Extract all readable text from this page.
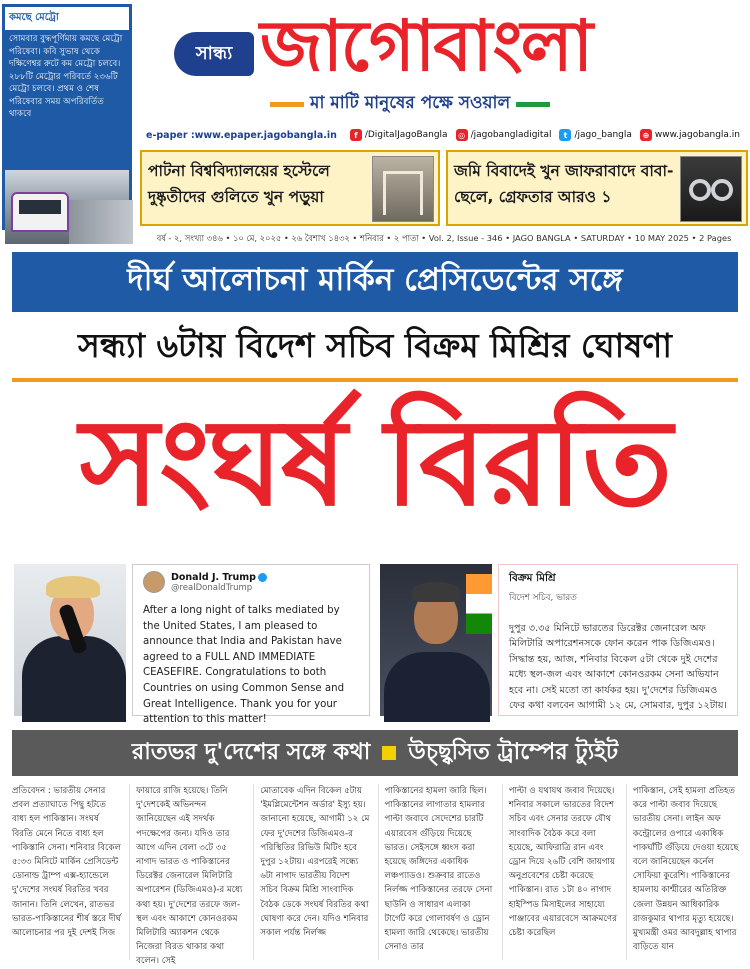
কমছে মেট্রো
সোমবার বুদ্ধপূর্ণিমায় কমছে মেট্রো পরিষেবা। কবি সুভাষ থেকে দক্ষিণেশ্বর রুটে কম মেট্রো চলবে। ২৮৮টি মেট্রোর পরিবর্তে ২৩৬টি মেট্রো চলবে। প্রথম ও শেষ পরিষেবার সময় অপরিবর্তিত থাকবে
সান্ধ্য জাগোবাংলা
মা মাটি মানুষের পক্ষে সওয়াল
e-paper :www.epaper.jagobangla.in	f /DigitalJagoBangla	◎ /jagobangladigital	t /jago_bangla	⊕ www.jagobangla.in
পাটনা বিশ্ববিদ্যালয়ের হস্টেলে দুষ্কৃতীদের গুলিতে খুন পড়ুয়া
জমি বিবাদেই খুন জাফরাবাদে বাবা-ছেলে, গ্রেফতার আরও ১
বর্ষ - ২, সংখ্যা ৩৪৬ • ১০ মে, ২০২৫ • ২৬ বৈশাখ ১৪৩২ • শনিবার • ২ পাতা • Vol. 2, Issue - 346 • JAGO BANGLA • SATURDAY • 10 MAY 2025 • 2 Pages
দীর্ঘ আলোচনা মার্কিন প্রেসিডেন্টের সঙ্গে
সন্ধ্যা ৬টায় বিদেশ সচিব বিক্রম মিশ্রির ঘোষণা
সংঘর্ষ বিরতি
Donald J. Trump
@realDonaldTrump
After a long night of talks mediated by the United States, I am pleased to announce that India and Pakistan have agreed to a FULL AND IMMEDIATE CEASEFIRE. Congratulations to both Countries on using Common Sense and Great Intelligence. Thank you for your attention to this matter!
বিক্রম মিশ্রি
বিদেশ সচিব, ভারত
দুপুর ৩.৩৫ মিনিটে ভারতের ডিরেক্টর জেনারেল অফ মিলিটারি অপারেশনসকে ফোন করেন পাক ডিজিএমও। সিদ্ধান্ত হয়, আজ, শনিবার বিকেল ৫টা থেকে দুই দেশের মধ্যে স্থল-জল এবং আকাশে কোনওরকম সেনা অভিযান হবে না। সেই মতো তা কার্যকর হয়। দু'দেশের ডিজিএমও ফের কথা বলবেন আগামী ১২ মে, সোমবার, দুপুর ১২টায়।
রাতভর দু'দেশের সঙ্গে কথা উচ্ছ্বসিত ট্রাম্পের ট্যুইট
প্রতিবেদন : ভারতীয় সেনার প্রবল প্রত্যাঘাতে পিছু হটতে বাধ্য হল পাকিস্তান। সংঘর্ষ বিরতি মেনে নিতে বাধ্য হল পাকিস্তানি সেনা। শনিবার বিকেল ৫:৩৩ মিনিটে মার্কিন প্রেসিডেন্ট ডোনাল্ড ট্রাম্প এক্স-হ্যান্ডেলে দু'দেশের সংঘর্ষ বিরতির খবর জানান। তিনি লেখেন, রাতভর ভারত-পাকিস্তানের শীর্ষ স্তরে দীর্ঘ আলোচনার পর দুই দেশই সিজ
ফায়ারে রাজি হয়েছে। তিনি দু'দেশকেই অভিনন্দন জানিয়েছেন এই সদর্থক পদক্ষেপের জন্য। যদিও তার আগে এদিন বেলা ৩টে ৩৫ নাগাদ ভারত ও পাকিস্তানের ডিরেক্টর জেনারেল মিলিটারি অপারেশন (ডিজিএমও)-র মধ্যে কথা হয়। দু'দেশের তরফে জল-স্থল এবং আকাশে কোনওরকম মিলিটারি অ্যাকশন থেকে নিজেরা বিরত থাকার কথা বলেন। সেই
মোতাবেক এদিন বিকেল ৫টায় 'ইমপ্লিমেন্টেশন অর্ডার' ইস্যু হয়। জানানো হয়েছে, আগামী ১২ মে ফের দু'দেশের ডিজিএমও-র পরিস্থিতির রিভিউ মিটিং হবে দুপুর ১২টায়। এরপরেই সন্ধ্যে ৬টা নাগাদ ভারতীয় বিদেশ সচিব বিক্রম মিশ্রি সাংবাদিক বৈঠক ডেকে সংঘর্ষ বিরতির কথা ঘোষণা করে দেন। যদিও শনিবার সকাল পর্যন্ত নির্লজ্জ
পাকিস্তানের হামলা জারি ছিল। পাকিস্তানের লাগাতার হামলার পাল্টা জবাবে সেদেশের চারটি এয়ারবেস গুঁড়িয়ে দিয়েছে ভারত। সেইসঙ্গে ধ্বংস করা হয়েছে জঙ্গিদের একাধিক লঞ্চপ্যাডও। শুক্রবার রাতেও নির্লজ্জ পাকিস্তানের তরফে সেনা ছাউনি ও সাধারণ এলাকা টার্গেট করে গোলাবর্ষণ ও ড্রোন হামলা জারি থেকেছে। ভারতীয় সেনাও তার
পাল্টা ও যথাযথ জবাব দিয়েছে। শনিবার সকালে ভারতের বিদেশ সচিব এবং সেনার তরফে যৌথ সাংবাদিক বৈঠক করে বলা হয়েছে, আফিরাত্রি রান এবং ড্রোন দিয়ে ২৬টি বেশি জায়গায় অনুপ্রবেশের চেষ্টা করেছে পাকিস্তান। রাত ১টা ৪০ নাগাদ হাইস্পিড মিসাইলের সাহায্যে পাঞ্জাবের এয়ারবেসে আক্রমণের চেষ্টা করেছিল
পাকিস্তান, সেই হামলা প্রতিহত করে পাল্টা জবাব দিয়েছে ভারতীয় সেনা। লাইন অফ কন্ট্রোলের ওপারে একাধিক পাকঘাঁটি গুঁড়িয়ে দেওয়া হয়েছে বলে জানিয়েছেন কর্নেল সোফিয়া কুরেশি। পাকিস্তানের হামলায় কাশ্মীরের অতিরিক্ত জেলা উন্নয়ন আধিকারিক রাজকুমার থাপার মৃত্যু হয়েছে। মুখ্যমন্ত্রী ওমর আবদুল্লাহ থাপার বাড়িতে যান
